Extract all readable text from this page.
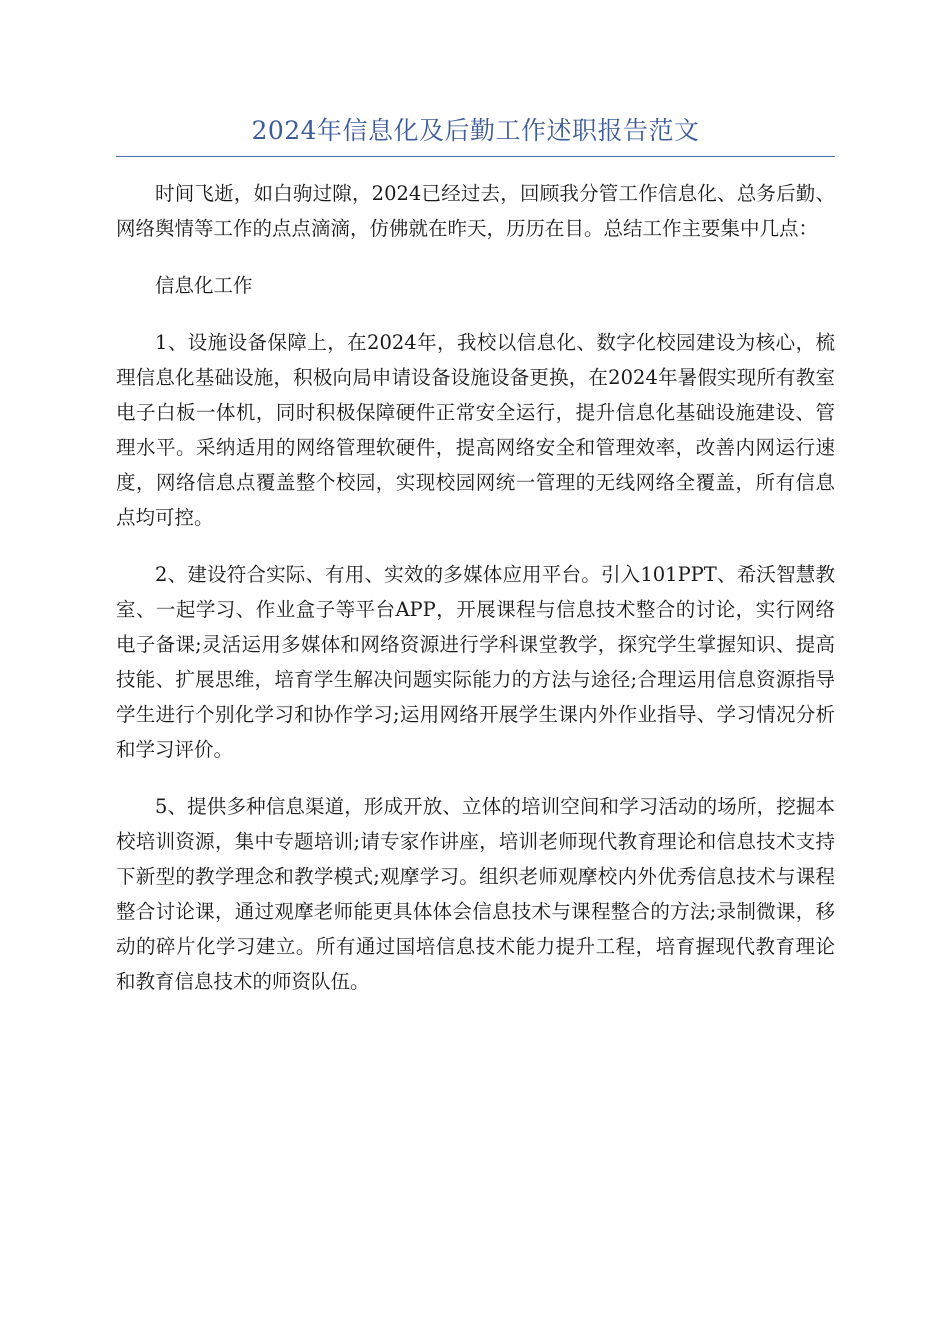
2024年信息化及后勤工作述职报告范文

时间飞逝，如白驹过隙，2024已经过去，回顾我分管工作信息化、总务后勤、网络舆情等工作的点点滴滴，仿佛就在昨天，历历在目。总结工作主要集中几点：

信息化工作

1、设施设备保障上，在2024年，我校以信息化、数字化校园建设为核心，梳理信息化基础设施，积极向局申请设备设施设备更换，在2024年暑假实现所有教室电子白板一体机，同时积极保障硬件正常安全运行，提升信息化基础设施建设、管理水平。采纳适用的网络管理软硬件，提高网络安全和管理效率，改善内网运行速度，网络信息点覆盖整个校园，实现校园网统一管理的无线网络全覆盖，所有信息点均可控。

2、建设符合实际、有用、实效的多媒体应用平台。引入101PPT、希沃智慧教室、一起学习、作业盒子等平台APP，开展课程与信息技术整合的讨论，实行网络电子备课;灵活运用多媒体和网络资源进行学科课堂教学，探究学生掌握知识、提高技能、扩展思维，培育学生解决问题实际能力的方法与途径;合理运用信息资源指导学生进行个别化学习和协作学习;运用网络开展学生课内外作业指导、学习情况分析和学习评价。

5、提供多种信息渠道，形成开放、立体的培训空间和学习活动的场所，挖掘本校培训资源，集中专题培训;请专家作讲座，培训老师现代教育理论和信息技术支持下新型的教学理念和教学模式;观摩学习。组织老师观摩校内外优秀信息技术与课程整合讨论课，通过观摩老师能更具体体会信息技术与课程整合的方法;录制微课，移动的碎片化学习建立。所有通过国培信息技术能力提升工程，培育握现代教育理论和教育信息技术的师资队伍。
